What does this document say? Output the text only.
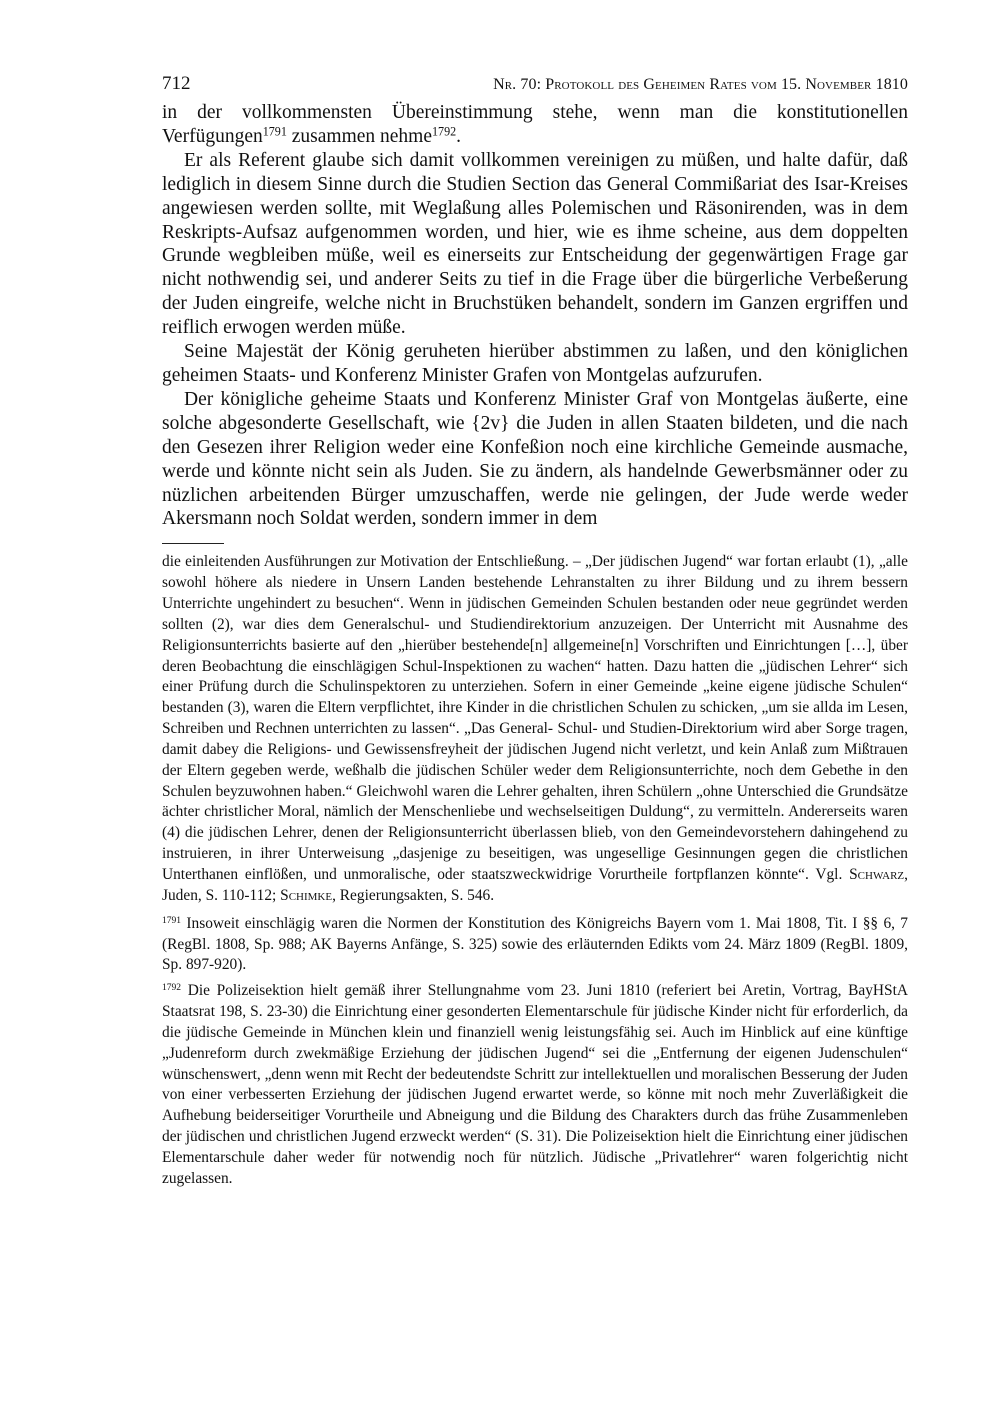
712	Nr. 70: Protokoll des Geheimen Rates vom 15. November 1810

in der vollkommensten Übereinstimmung stehe, wenn man die konstitutionellen Verfügungen$^{1791}$ zusammen nehme$^{1792}$.

Er als Referent glaube sich damit vollkommen vereinigen zu müßen, und halte dafür, daß lediglich in diesem Sinne durch die Studien Section das General Commißariat des Isar-Kreises angewiesen werden sollte, mit Weglaßung alles Polemischen und Räsonirenden, was in dem Reskripts-Aufsaz aufgenommen worden, und hier, wie es ihme scheine, aus dem doppelten Grunde wegbleiben müße, weil es einerseits zur Entscheidung der gegenwärtigen Frage gar nicht nothwendig sei, und anderer Seits zu tief in die Frage über die bürgerliche Verbeßerung der Juden eingreife, welche nicht in Bruchstüken behandelt, sondern im Ganzen ergriffen und reiflich erwogen werden müße.

Seine Majestät der König geruheten hierüber abstimmen zu laßen, und den königlichen geheimen Staats- und Konferenz Minister Grafen von Montgelas aufzurufen.

Der königliche geheime Staats und Konferenz Minister Graf von Montgelas äußerte, eine solche abgesonderte Gesellschaft, wie {2v} die Juden in allen Staaten bildeten, und die nach den Gesezen ihrer Religion weder eine Konfeßion noch eine kirchliche Gemeinde ausmache, werde und könnte nicht sein als Juden. Sie zu ändern, als handelnde Gewerbsmänner oder zu nüzlichen arbeitenden Bürger umzuschaffen, werde nie gelingen, der Jude werde weder Akersmann noch Soldat werden, sondern immer in dem

die einleitenden Ausführungen zur Motivation der Entschließung. – „Der jüdischen Jugend“ war fortan erlaubt (1), „alle sowohl höhere als niedere in Unsern Landen bestehende Lehranstalten zu ihrer Bildung und zu ihrem bessern Unterrichte ungehindert zu besuchen“. Wenn in jüdischen Gemeinden Schulen bestanden oder neue gegründet werden sollten (2), war dies dem Generalschul- und Studiendirektorium anzuzeigen. Der Unterricht mit Ausnahme des Religionsunterrichts basierte auf den „hierüber bestehende[n] allgemeine[n] Vorschriften und Einrichtungen […], über deren Beobachtung die einschlägigen Schul-Inspektionen zu wachen“ hatten. Dazu hatten die „jüdischen Lehrer“ sich einer Prüfung durch die Schulinspektoren zu unterziehen. Sofern in einer Gemeinde „keine eigene jüdische Schulen“ bestanden (3), waren die Eltern verpflichtet, ihre Kinder in die christlichen Schulen zu schicken, „um sie allda im Lesen, Schreiben und Rechnen unterrichten zu lassen“. „Das General- Schul- und Studien-Direktorium wird aber Sorge tragen, damit dabey die Religions- und Gewissensfreyheit der jüdischen Jugend nicht verletzt, und kein Anlaß zum Mißtrauen der Eltern gegeben werde, weßhalb die jüdischen Schüler weder dem Religionsunterrichte, noch dem Gebethe in den Schulen beyzuwohnen haben.“ Gleichwohl waren die Lehrer gehalten, ihren Schülern „ohne Unterschied die Grundsätze ächter christlicher Moral, nämlich der Menschenliebe und wechselseitigen Duldung“, zu vermitteln. Andererseits waren (4) die jüdischen Lehrer, denen der Religionsunterricht überlassen blieb, von den Gemeindevorstehern dahingehend zu instruieren, in ihrer Unterweisung „dasjenige zu beseitigen, was ungesellige Gesinnungen gegen die christlichen Unterthanen einflößen, und unmoralische, oder staatszweckwidrige Vorurtheile fortpflanzen könnte“. Vgl. Schwarz, Juden, S. 110-112; Schimke, Regierungsakten, S. 546.

$^{1791}$ Insoweit einschlägig waren die Normen der Konstitution des Königreichs Bayern vom 1. Mai 1808, Tit. I §§ 6, 7 (RegBl. 1808, Sp. 988; AK Bayerns Anfänge, S. 325) sowie des erläuternden Edikts vom 24. März 1809 (RegBl. 1809, Sp. 897-920).

$^{1792}$ Die Polizeisektion hielt gemäß ihrer Stellungnahme vom 23. Juni 1810 (referiert bei Aretin, Vortrag, BayHStA Staatsrat 198, S. 23-30) die Einrichtung einer gesonderten Elementarschule für jüdische Kinder nicht für erforderlich, da die jüdische Gemeinde in München klein und finanziell wenig leistungsfähig sei. Auch im Hinblick auf eine künftige „Judenreform durch zwekmäßige Erziehung der jüdischen Jugend“ sei die „Entfernung der eigenen Judenschulen“ wünschenswert, „denn wenn mit Recht der bedeutendste Schritt zur intellektuellen und moralischen Besserung der Juden von einer verbesserten Erziehung der jüdischen Jugend erwartet werde, so könne mit noch mehr Zuverläßigkeit die Aufhebung beiderseitiger Vorurtheile und Abneigung und die Bildung des Charakters durch das frühe Zusammenleben der jüdischen und christlichen Jugend erzweckt werden“ (S. 31). Die Polizeisektion hielt die Einrichtung einer jüdischen Elementarschule daher weder für notwendig noch für nützlich. Jüdische „Privatlehrer“ waren folgerichtig nicht zugelassen.
